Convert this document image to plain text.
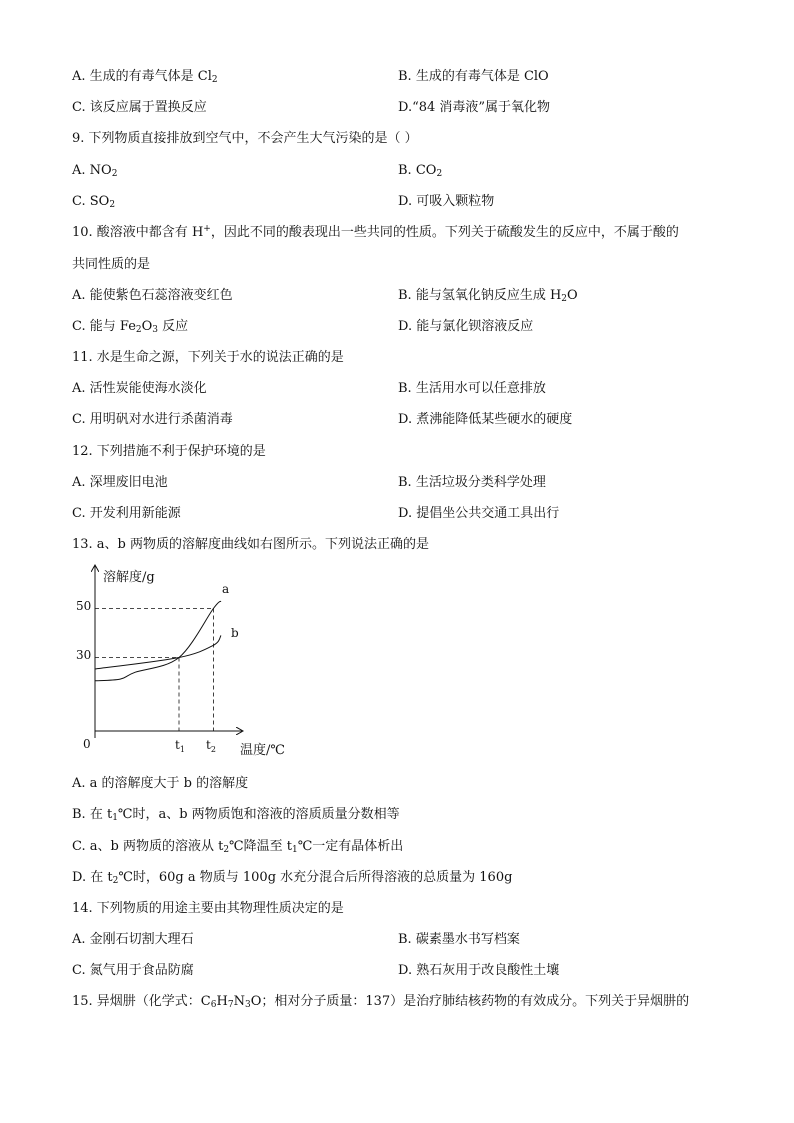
A. 生成的有毒气体是 $Cl_2$	B. 生成的有毒气体是 ClO
C. 该反应属于置换反应	D.“84 消毒液”属于氧化物
9. 下列物质直接排放到空气中，不会产生大气污染的是（ ）
A. $NO_2$	B. $CO_2$
C. $SO_2$	D. 可吸入颗粒物
10. 酸溶液中都含有 H+，因此不同的酸表现出一些共同的性质。下列关于硫酸发生的反应中，不属于酸的
共同性质的是
A. 能使紫色石蕊溶液变红色	B. 能与氢氧化钠反应生成 $H_2O$
C. 能与 $Fe_2O_3$ 反应	D. 能与氯化钡溶液反应
11. 水是生命之源，下列关于水的说法正确的是
A. 活性炭能使海水淡化	B. 生活用水可以任意排放
C. 用明矾对水进行杀菌消毒	D. 煮沸能降低某些硬水的硬度
12. 下列措施不利于保护环境的是
A. 深埋废旧电池	B. 生活垃圾分类科学处理
C. 开发利用新能源	D. 提倡坐公共交通工具出行
13. a、b 两物质的溶解度曲线如右图所示。下列说法正确的是
溶解度/g
温度/℃
0
50
30
$t_1$ $t_2$
a
b
A. a 的溶解度大于 b 的溶解度
B. 在 $t_1℃$时，a、b 两物质饱和溶液的溶质质量分数相等
C. a、b 两物质的溶液从 $t_2℃$降温至 $t_1℃$一定有晶体析出
D. 在 $t_2℃$时，60g a 物质与 100g 水充分混合后所得溶液的总质量为 160g
14. 下列物质的用途主要由其物理性质决定的是
A. 金刚石切割大理石	B. 碳素墨水书写档案
C. 氮气用于食品防腐	D. 熟石灰用于改良酸性土壤
15. 异烟肼（化学式：$C_6H_7N_3O$；相对分子质量：137）是治疗肺结核药物的有效成分。下列关于异烟肼的
